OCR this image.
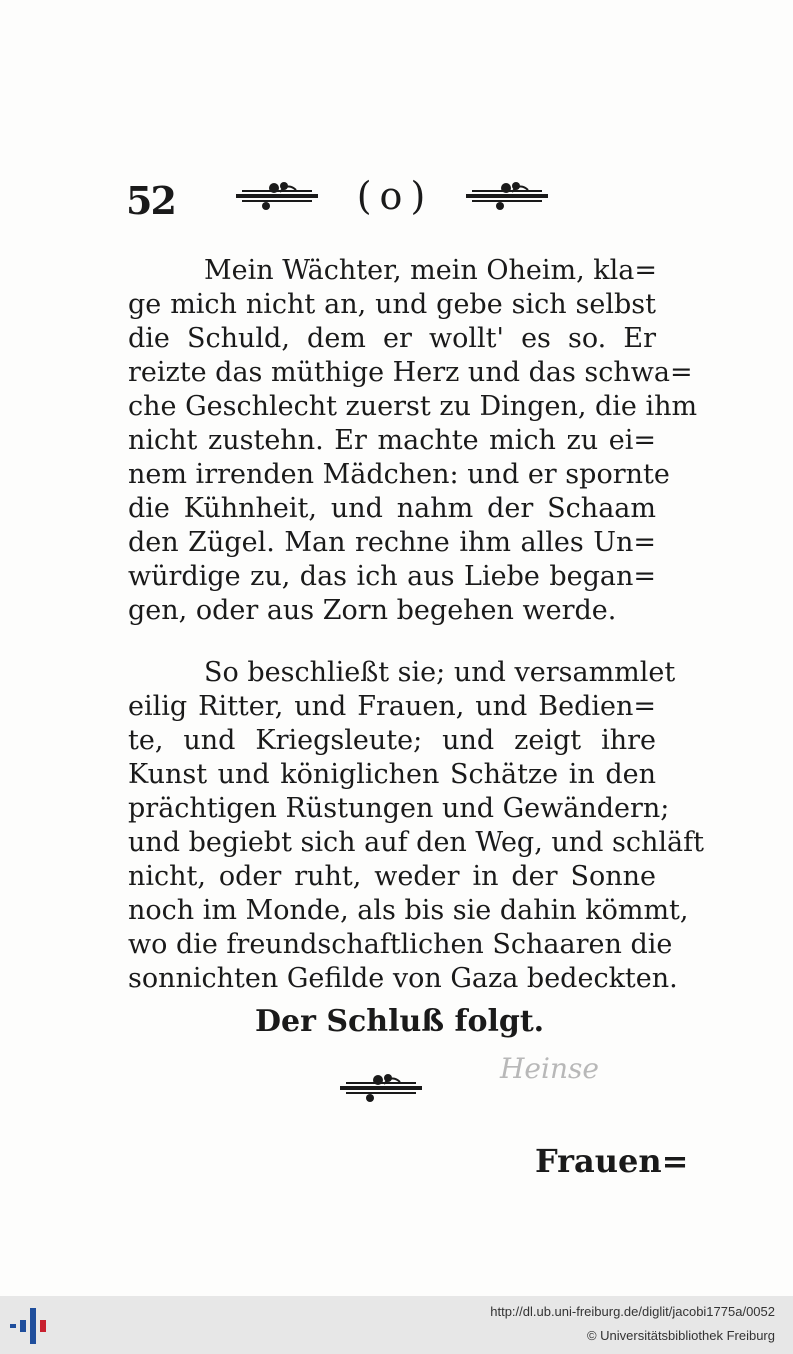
52	(o)
Mein Wächter, mein Oheim, kla=
ge mich nicht an, und gebe sich selbst
die Schuld, dem er wollt' es so. Er
reizte das müthige Herz und das schwa=
che Geschlecht zuerst zu Dingen, die ihm
nicht zustehn. Er machte mich zu ei=
nem irrenden Mädchen: und er spornte
die Kühnheit, und nahm der Schaam
den Zügel. Man rechne ihm alles Un=
würdige zu, das ich aus Liebe began=
gen, oder aus Zorn begehen werde.
So beschließt sie; und versammlet
eilig Ritter, und Frauen, und Bedien=
te, und Kriegsleute; und zeigt ihre
Kunst und königlichen Schätze in den
prächtigen Rüstungen und Gewändern;
und begiebt sich auf den Weg, und schläft
nicht, oder ruht, weder in der Sonne
noch im Monde, als bis sie dahin kömmt,
wo die freundschaftlichen Schaaren die
sonnichten Gefilde von Gaza bedeckten.
Der Schluß folgt.
Heinse
Frauen=
http://dl.ub.uni-freiburg.de/diglit/jacobi1775a/0052
© Universitätsbibliothek Freiburg
